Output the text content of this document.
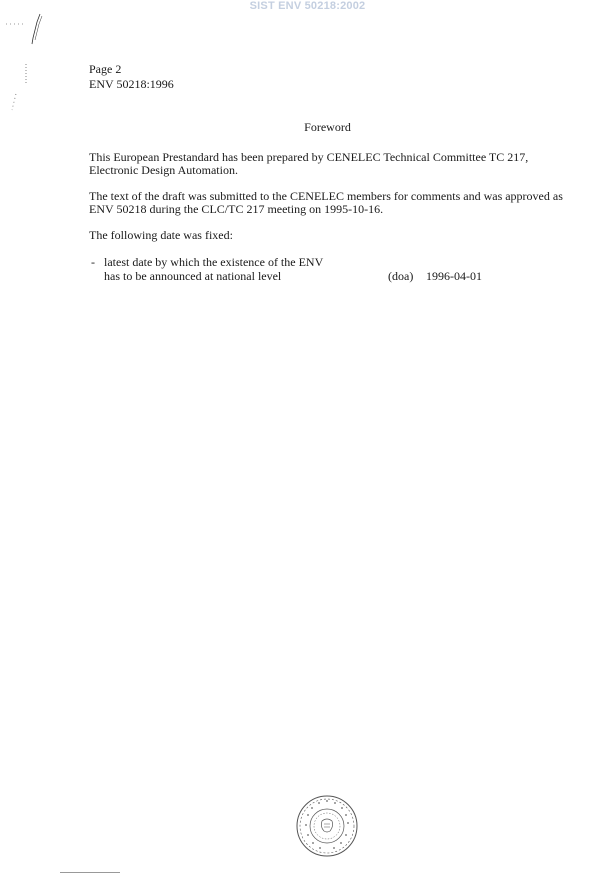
SIST ENV 50218:2002
Page 2
ENV 50218:1996
Foreword
This European Prestandard has been prepared by CENELEC Technical Committee TC 217, Electronic Design Automation.
The text of the draft was submitted to the CENELEC members for comments and was approved as ENV 50218 during the CLC/TC 217 meeting on 1995-10-16.
The following date was fixed:
- latest date by which the existence of the ENV
has to be announced at national level	(doa) 1996-04-01
